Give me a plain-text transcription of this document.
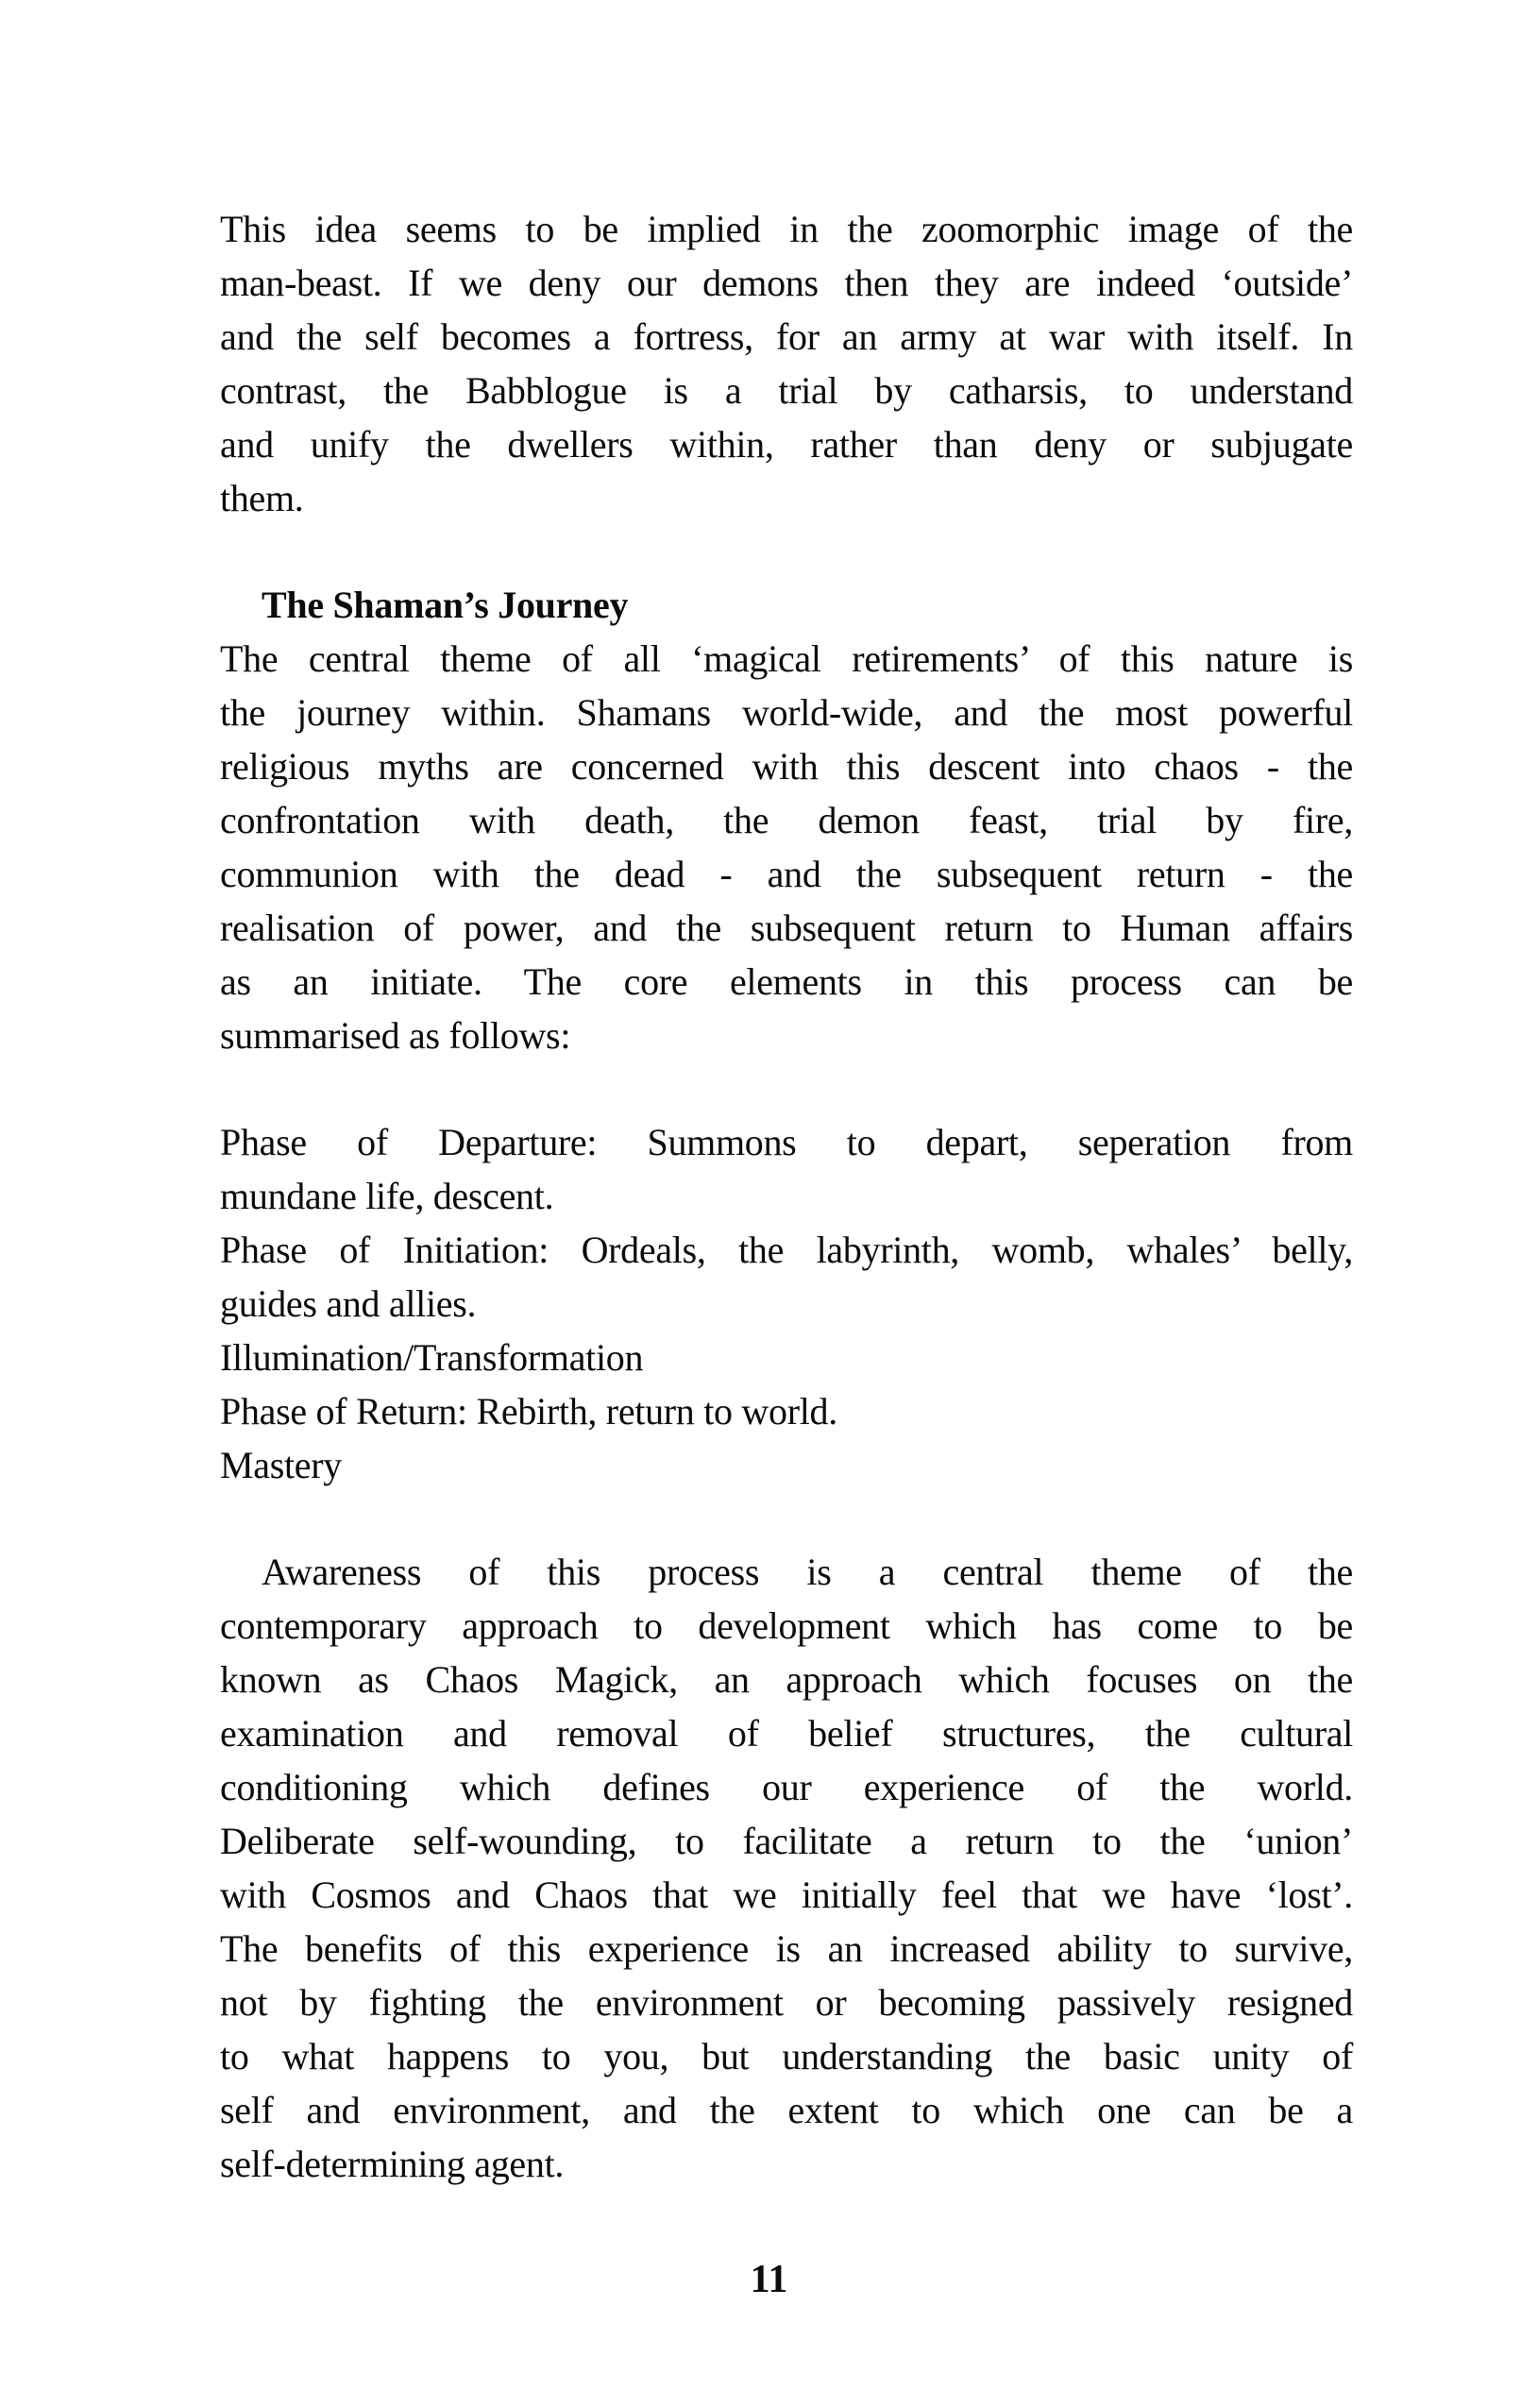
This idea seems to be implied in the zoomorphic image of the
man-beast. If we deny our demons then they are indeed ‘outside’
and the self becomes a fortress, for an army at war with itself. In
contrast, the Babblogue is a trial by catharsis, to understand
and unify the dwellers within, rather than deny or subjugate
them.
The Shaman’s Journey
The central theme of all ‘magical retirements’ of this nature is
the journey within. Shamans world-wide, and the most powerful
religious myths are concerned with this descent into chaos - the
confrontation with death, the demon feast, trial by fire,
communion with the dead - and the subsequent return - the
realisation of power, and the subsequent return to Human affairs
as an initiate. The core elements in this process can be
summarised as follows:
Phase of Departure: Summons to depart, seperation from
mundane life, descent.
Phase of Initiation: Ordeals, the labyrinth, womb, whales’ belly,
guides and allies.
Illumination/Transformation
Phase of Return: Rebirth, return to world.
Mastery
Awareness of this process is a central theme of the
contemporary approach to development which has come to be
known as Chaos Magick, an approach which focuses on the
examination and removal of belief structures, the cultural
conditioning which defines our experience of the world.
Deliberate self-wounding, to facilitate a return to the ‘union’
with Cosmos and Chaos that we initially feel that we have ‘lost’.
The benefits of this experience is an increased ability to survive,
not by fighting the environment or becoming passively resigned
to what happens to you, but understanding the basic unity of
self and environment, and the extent to which one can be a
self-determining agent.
11
